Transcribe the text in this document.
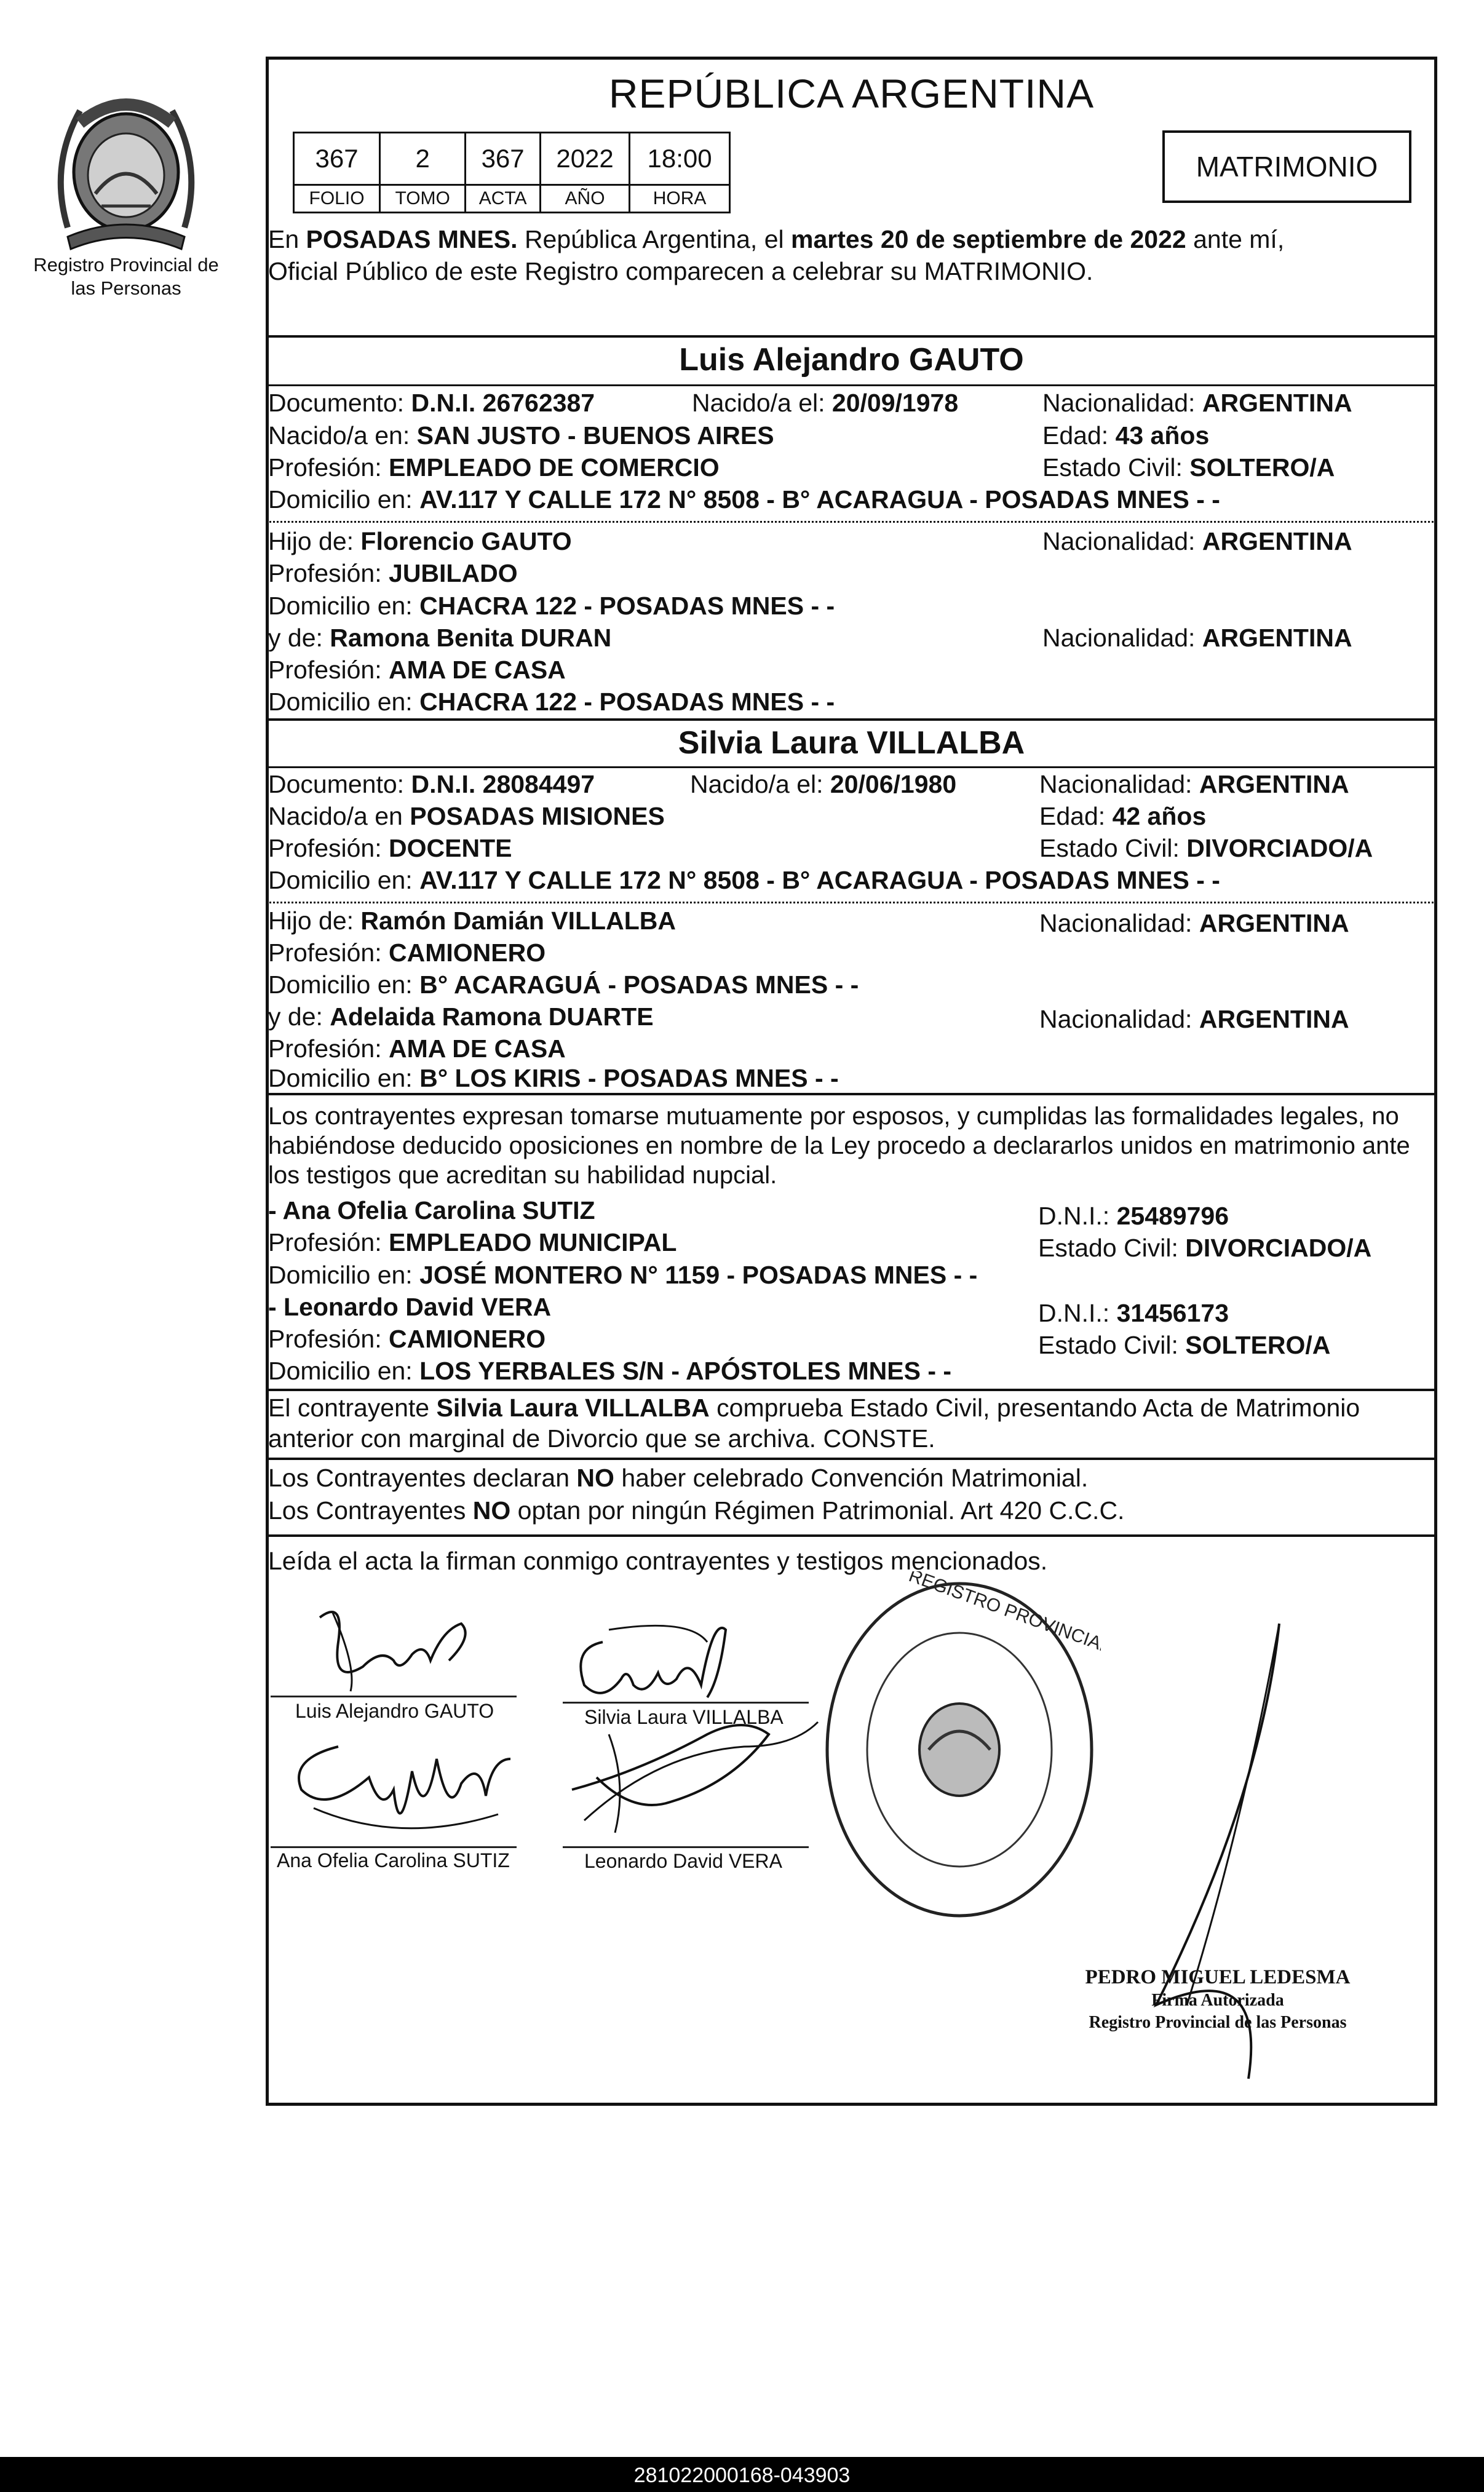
Registro Provincial de las Personas
REPÚBLICA ARGENTINA
367	2	367	2022	18:00
FOLIO	TOMO	ACTA	AÑO	HORA
MATRIMONIO
En POSADAS MNES. República Argentina, el martes 20 de septiembre de 2022 ante mí,
Oficial Público de este Registro comparecen a celebrar su MATRIMONIO.
Luis Alejandro GAUTO
Documento: D.N.I. 26762387	Nacido/a el: 20/09/1978	Nacionalidad: ARGENTINA
Nacido/a en: SAN JUSTO - BUENOS AIRES	Edad: 43 años
Profesión: EMPLEADO DE COMERCIO	Estado Civil: SOLTERO/A
Domicilio en: AV.117 Y CALLE 172 N° 8508 - B° ACARAGUA - POSADAS MNES - -
Hijo de: Florencio GAUTO	Nacionalidad: ARGENTINA
Profesión: JUBILADO
Domicilio en: CHACRA 122 - POSADAS MNES - -
y de: Ramona Benita DURAN	Nacionalidad: ARGENTINA
Profesión: AMA DE CASA
Domicilio en: CHACRA 122 - POSADAS MNES - -
Silvia Laura VILLALBA
Documento: D.N.I. 28084497	Nacido/a el: 20/06/1980	Nacionalidad: ARGENTINA
Nacido/a en POSADAS MISIONES	Edad: 42 años
Profesión: DOCENTE	Estado Civil: DIVORCIADO/A
Domicilio en: AV.117 Y CALLE 172 N° 8508 - B° ACARAGUA - POSADAS MNES - -
Hijo de: Ramón Damián VILLALBA	Nacionalidad: ARGENTINA
Profesión: CAMIONERO
Domicilio en: B° ACARAGUÁ - POSADAS MNES - -
y de: Adelaida Ramona DUARTE	Nacionalidad: ARGENTINA
Profesión: AMA DE CASA
Domicilio en: B° LOS KIRIS - POSADAS MNES - -
Los contrayentes expresan tomarse mutuamente por esposos, y cumplidas las formalidades legales, no
habiéndose deducido oposiciones en nombre de la Ley procedo a declararlos unidos en matrimonio ante
los testigos que acreditan su habilidad nupcial.
- Ana Ofelia Carolina SUTIZ	D.N.I.: 25489796
Profesión: EMPLEADO MUNICIPAL	Estado Civil: DIVORCIADO/A
Domicilio en: JOSÉ MONTERO N° 1159 - POSADAS MNES - -
- Leonardo David VERA	D.N.I.: 31456173
Profesión: CAMIONERO	Estado Civil: SOLTERO/A
Domicilio en: LOS YERBALES S/N - APÓSTOLES MNES - -
El contrayente Silvia Laura VILLALBA comprueba Estado Civil, presentando Acta de Matrimonio
anterior con marginal de Divorcio que se archiva. CONSTE.
Los Contrayentes declaran NO haber celebrado Convención Matrimonial.
Los Contrayentes NO optan por ningún Régimen Patrimonial. Art 420 C.C.C.
Leída el acta la firman conmigo contrayentes y testigos mencionados.
Luis Alejandro GAUTO	Silvia Laura VILLALBA
Ana Ofelia Carolina SUTIZ	Leonardo David VERA
REGISTRO PROVINCIAL
PEDRO MIGUEL LEDESMA
Firma Autorizada
Registro Provincial de las Personas
281022000168-043903
